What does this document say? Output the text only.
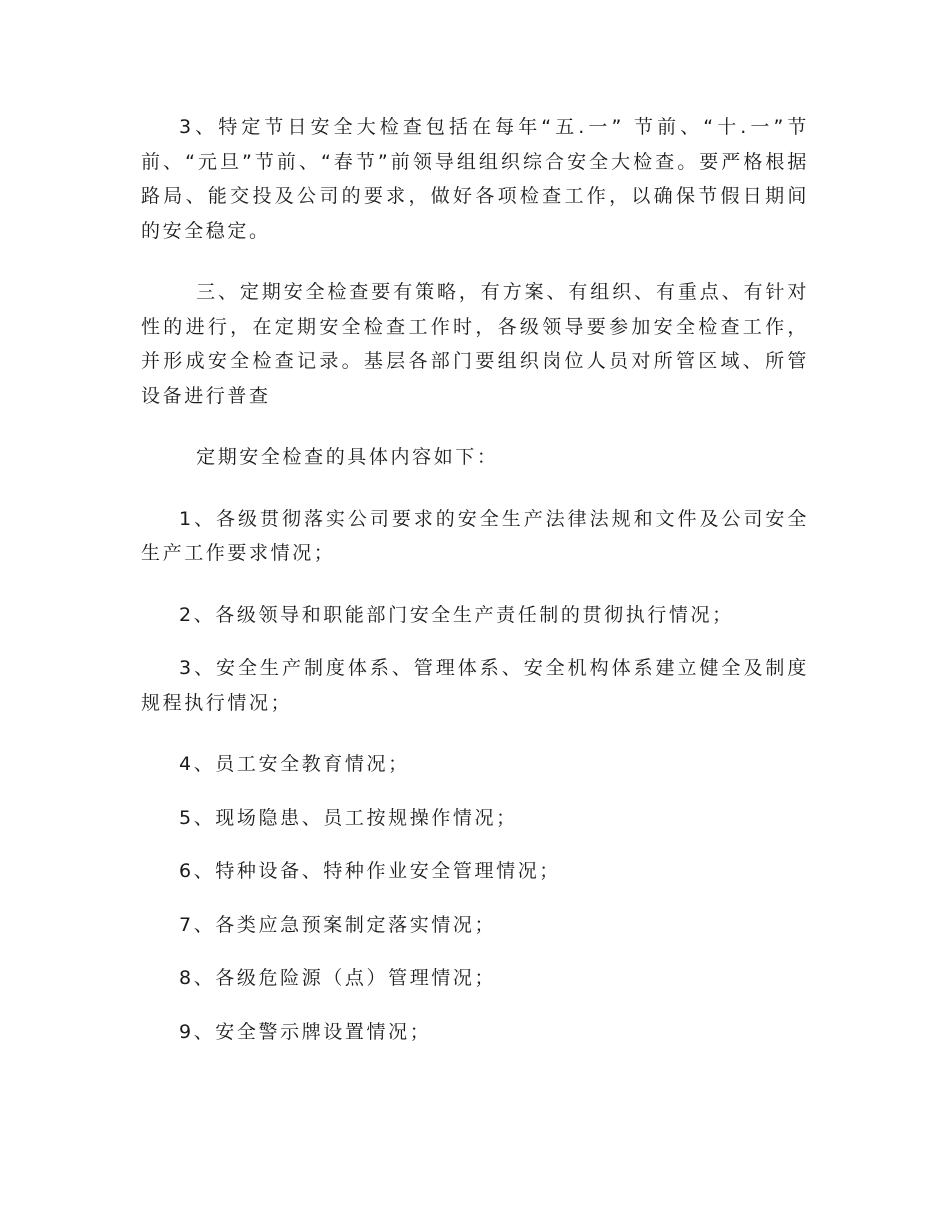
3、特定节日安全大检查包括在每年“五.一” 节前、“十.一”节前、“元旦”节前、“春节”前领导组组织综合安全大检查。要严格根据路局、能交投及公司的要求，做好各项检查工作，以确保节假日期间的安全稳定。

三、定期安全检查要有策略，有方案、有组织、有重点、有针对性的进行，在定期安全检查工作时，各级领导要参加安全检查工作，并形成安全检查记录。基层各部门要组织岗位人员对所管区域、所管设备进行普查

定期安全检查的具体内容如下：

1、各级贯彻落实公司要求的安全生产法律法规和文件及公司安全生产工作要求情况；

2、各级领导和职能部门安全生产责任制的贯彻执行情况；

3、安全生产制度体系、管理体系、安全机构体系建立健全及制度规程执行情况；

4、员工安全教育情况；

5、现场隐患、员工按规操作情况；

6、特种设备、特种作业安全管理情况；

7、各类应急预案制定落实情况；

8、各级危险源（点）管理情况；

9、安全警示牌设置情况；
